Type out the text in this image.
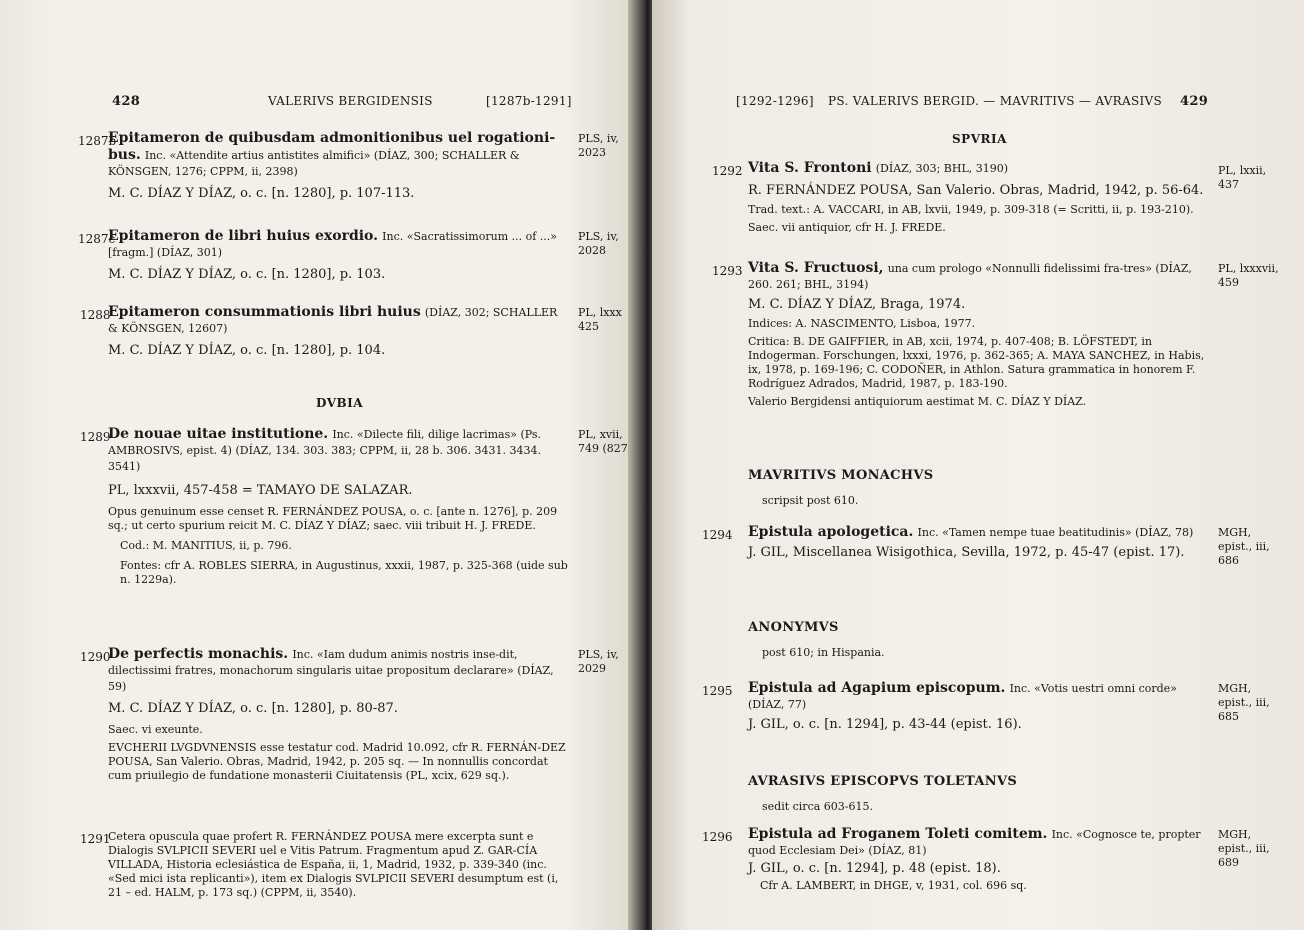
428	VALERIVS BERGIDENSIS	[1287b-1291]
1287b
Epitameron de quibusdam admonitionibus uel rogationi-bus. Inc. «Attendite artius antistites almifici» (DÍAZ, 300; SCHALLER & KÖNSGEN, 1276; CPPM, ii, 2398)
M. C. DÍAZ Y DÍAZ, o. c. [n. 1280], p. 107-113.
PLS, iv, 2023
1287c
Epitameron de libri huius exordio. Inc. «Sacratissimorum ... of ...» [fragm.] (DÍAZ, 301)
M. C. DÍAZ Y DÍAZ, o. c. [n. 1280], p. 103.
PLS, iv, 2028
1288
Epitameron consummationis libri huius (DÍAZ, 302; SCHALLER & KÖNSGEN, 12607)
M. C. DÍAZ Y DÍAZ, o. c. [n. 1280], p. 104.
PL, lxxx 425
DVBIA
1289
De nouae uitae institutione. Inc. «Dilecte fili, dilige lacrimas» (Ps. AMBROSIVS, epist. 4) (DÍAZ, 134. 303. 383; CPPM, ii, 28 b. 306. 3431. 3434. 3541)
PL, lxxxvii, 457-458 = TAMAYO DE SALAZAR.
Opus genuinum esse censet R. FERNÁNDEZ POUSA, o. c. [ante n. 1276], p. 209 sq.; ut certo spurium reicit M. C. DÍAZ Y DÍAZ; saec. viii tribuit H. J. FREDE.
Cod.: M. MANITIUS, ii, p. 796.
Fontes: cfr A. ROBLES SIERRA, in Augustinus, xxxii, 1987, p. 325-368 (uide sub n. 1229a).
PL, xvii, 749 (827
1290
De perfectis monachis. Inc. «Iam dudum animis nostris inse-dit, dilectissimi fratres, monachorum singularis uitae propositum declarare» (DÍAZ, 59)
M. C. DÍAZ Y DÍAZ, o. c. [n. 1280], p. 80-87.
Saec. vi exeunte.
EVCHERII LVGDVNENSIS esse testatur cod. Madrid 10.092, cfr R. FERNÁN-DEZ POUSA, San Valerio. Obras, Madrid, 1942, p. 205 sq. — In nonnullis concordat cum priuilegio de fundatione monasterii Ciuitatensis (PL, xcix, 629 sq.).
PLS, iv, 2029
1291
Cetera opuscula quae profert R. FERNÁNDEZ POUSA mere excerpta sunt e Dialogis SVLPICII SEVERI uel e Vitis Patrum. Fragmentum apud Z. GAR-CÍA VILLADA, Historia eclesiástica de España, ii, 1, Madrid, 1932, p. 339-340 (inc. «Sed mici ista replicanti»), item ex Dialogis SVLPICII SEVERI desumptum est (i, 21 – ed. HALM, p. 173 sq.) (CPPM, ii, 3540).
[1292-1296] PS. VALERIVS BERGID. — MAVRITIVS — AVRASIVS 429
SPVRIA
1292 Vita S. Frontoni (DÍAZ, 303; BHL, 3190)
R. FERNÁNDEZ POUSA, San Valerio. Obras, Madrid, 1942, p. 56-64.
Trad. text.: A. VACCARI, in AB, lxvii, 1949, p. 309-318 (= Scritti, ii, p. 193-210).
Saec. vii antiquior, cfr H. J. FREDE.
PL, lxxii, 437
1293 Vita S. Fructuosi, una cum prologo «Nonnulli fidelissimi fra-tres» (DÍAZ, 260. 261; BHL, 3194)
M. C. DÍAZ Y DÍAZ, Braga, 1974.
Indices: A. NASCIMENTO, Lisboa, 1977.
Critica: B. DE GAIFFIER, in AB, xcii, 1974, p. 407-408; B. LÖFSTEDT, in Indogerman. Forschungen, lxxxi, 1976, p. 362-365; A. MAYA SANCHEZ, in Habis, ix, 1978, p. 169-196; C. CODOÑER, in Athlon. Satura grammatica in honorem F. Rodríguez Adrados, Madrid, 1987, p. 183-190.
Valerio Bergidensi antiquiorum aestimat M. C. DÍAZ Y DÍAZ.
PL, lxxxvii, 459
MAVRITIVS MONACHVS
scripsit post 610.
1294 Epistula apologetica. Inc. «Tamen nempe tuae beatitudinis» (DÍAZ, 78)
J. GIL, Miscellanea Wisigothica, Sevilla, 1972, p. 45-47 (epist. 17).
MGH, epist., iii, 686
ANONYMVS
post 610; in Hispania.
1295 Epistula ad Agapium episcopum. Inc. «Votis uestri omni corde» (DÍAZ, 77)
J. GIL, o. c. [n. 1294], p. 43-44 (epist. 16).
MGH, epist., iii, 685
AVRASIVS EPISCOPVS TOLETANVS
sedit circa 603-615.
1296 Epistula ad Froganem Toleti comitem. Inc. «Cognosce te, propter quod Ecclesiam Dei» (DÍAZ, 81)
J. GIL, o. c. [n. 1294], p. 48 (epist. 18).
Cfr A. LAMBERT, in DHGE, v, 1931, col. 696 sq.
MGH, epist., iii, 689
